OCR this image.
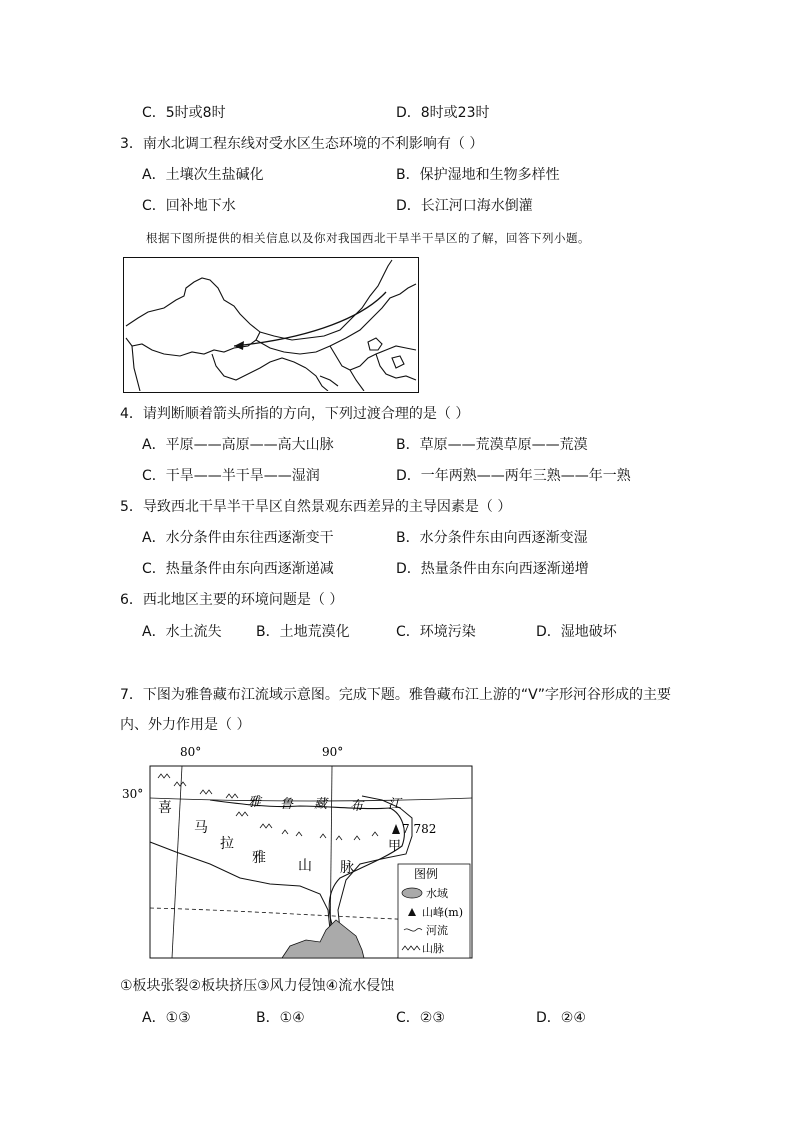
C．5时或8时	D．8时或23时
3．南水北调工程东线对受水区生态环境的不利影响有（ ）
A．土壤次生盐碱化	B．保护湿地和生物多样性
C．回补地下水	D．长江河口海水倒灌
根据下图所提供的相关信息以及你对我国西北干旱半干旱区的了解，回答下列小题。
4．请判断顺着箭头所指的方向，下列过渡合理的是（ ）
A．平原——高原——高大山脉	B．草原——荒漠草原——荒漠
C．干旱——半干旱——湿润	D．一年两熟——两年三熟——年一熟
5．导致西北干旱半干旱区自然景观东西差异的主导因素是（ ）
A．水分条件由东往西逐渐变干	B．水分条件东由向西逐渐变湿
C．热量条件由东向西逐渐递减	D．热量条件由东向西逐渐递增
6．西北地区主要的环境问题是（ ）
A．水土流失 B．土地荒漠化	C．环境污染	D．湿地破坏
7．下图为雅鲁藏布江流域示意图。完成下题。雅鲁藏布江上游的“V”字形河谷形成的主要
内、外力作用是（ ）
80°	90°
30°
喜
马
拉
雅 山 脉
雅 鲁 藏 布 江
7 782
甲
图例
水域
山峰(m)
河流
山脉
①板块张裂②板块挤压③风力侵蚀④流水侵蚀
A．①③	B．①④	C．②③	D．②④
